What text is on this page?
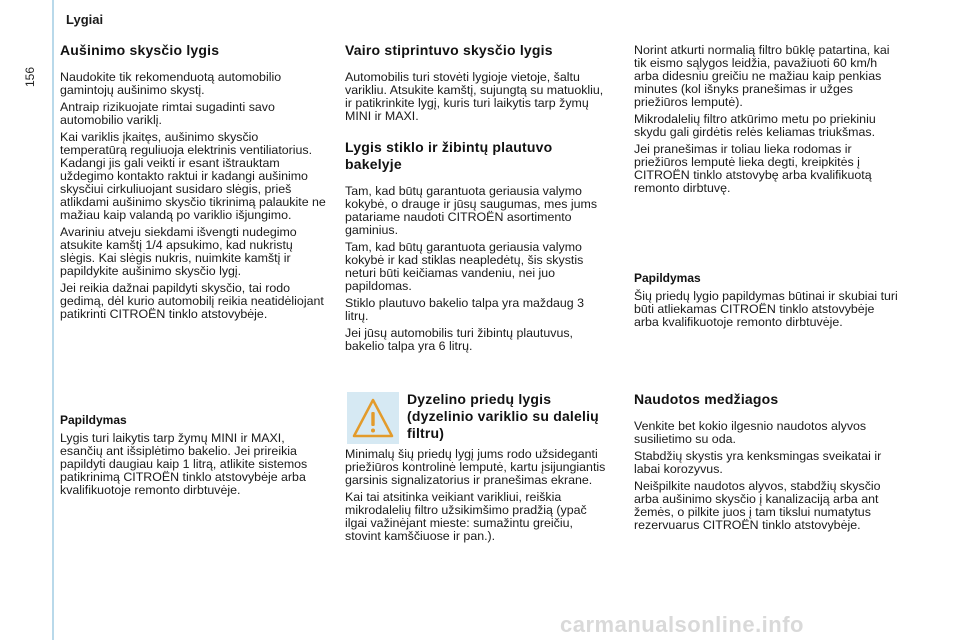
156
Lygiai
Aušinimo skysčio lygis

Naudokite tik rekomenduotą automobilio gamintojų aušinimo skystį.

Antraip rizikuojate rimtai sugadinti savo automobilio variklį.

Kai variklis įkaitęs, aušinimo skysčio temperatūrą reguliuoja elektrinis ventiliatorius. Kadangi jis gali veikti ir esant ištrauktam uždegimo kontakto raktui ir kadangi aušinimo skysčiui cirkuliuojant susidaro slėgis, prieš atlikdami aušinimo skysčio tikrinimą palaukite ne mažiau kaip valandą po variklio išjungimo.

Avariniu atveju siekdami išvengti nudegimo atsukite kamštį 1/4 apsukimo, kad nukristų slėgis. Kai slėgis nukris, nuimkite kamštį ir papildykite aušinimo skysčio lygį.

Jei reikia dažnai papildyti skysčio, tai rodo gedimą, dėl kurio automobilį reikia neatidėliojant patikrinti CITROËN tinklo atstovybėje.

Papildymas

Lygis turi laikytis tarp žymų MINI ir MAXI, esančių ant išsiplėtimo bakelio. Jei prireikia papildyti daugiau kaip 1 litrą, atlikite sistemos patikrinimą CITROËN tinklo atstovybėje arba kvalifikuotoje remonto dirbtuvėje.

Vairo stiprintuvo skysčio lygis

Automobilis turi stovėti lygioje vietoje, šaltu varikliu. Atsukite kamštį, sujungtą su matuokliu, ir patikrinkite lygį, kuris turi laikytis tarp žymų MINI ir MAXI.

Lygis stiklo ir žibintų plautuvo bakelyje

Tam, kad būtų garantuota geriausia valymo kokybė, o drauge ir jūsų saugumas, mes jums patariame naudoti CITROËN asortimento gaminius.

Tam, kad būtų garantuota geriausia valymo kokybė ir kad stiklas neapledėtų, šis skystis neturi būti keičiamas vandeniu, nei juo papildomas.

Stiklo plautuvo bakelio talpa yra maždaug 3 litrų.

Jei jūsų automobilis turi žibintų plautuvus, bakelio talpa yra 6 litrų.

Dyzelino priedų lygis (dyzelinio variklio su dalelių filtru)

Minimalų šių priedų lygį jums rodo užsideganti priežiūros kontrolinė lemputė, kartu įsijungiantis garsinis signalizatorius ir pranešimas ekrane.

Kai tai atsitinka veikiant varikliui, reiškia mikrodalelių filtro užsikimšimo pradžią (ypač ilgai važinėjant mieste: sumažintu greičiu, stovint kamščiuose ir pan.).

Norint atkurti normalią filtro būklę patartina, kai tik eismo sąlygos leidžia, pavažiuoti 60 km/h arba didesniu greičiu ne mažiau kaip penkias minutes (kol išnyks pranešimas ir užges priežiūros lemputė).

Mikrodalelių filtro atkūrimo metu po priekiniu skydu gali girdėtis relės keliamas triukšmas.

Jei pranešimas ir toliau lieka rodomas ir priežiūros lemputė lieka degti, kreipkitės į CITROËN tinklo atstovybę arba kvalifikuotą remonto dirbtuvę.

Papildymas

Šių priedų lygio papildymas būtinai ir skubiai turi būti atliekamas CITROËN tinklo atstovybėje arba kvalifikuotoje remonto dirbtuvėje.

Naudotos medžiagos

Venkite bet kokio ilgesnio naudotos alyvos susilietimo su oda.

Stabdžių skystis yra kenksmingas sveikatai ir labai korozyvus.

Neišpilkite naudotos alyvos, stabdžių skysčio arba aušinimo skysčio į kanalizaciją arba ant žemės, o pilkite juos į tam tikslui numatytus rezervuarus CITROËN tinklo atstovybėje.

carmanualsonline.info
